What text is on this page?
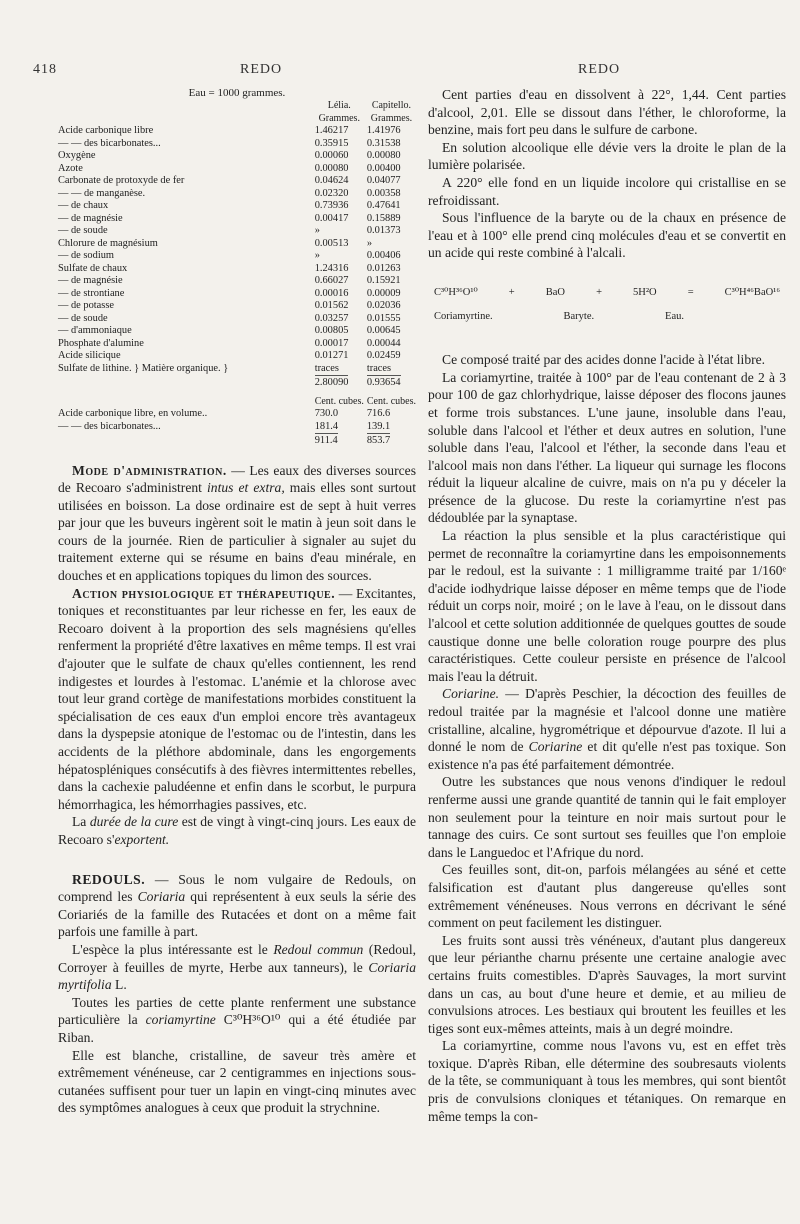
418	REDO	REDO
Eau = 1000 grammes.
	Lélia.	Capitello.
	Grammes.	Grammes.
Acide carbonique libre	1.46217	1.41976
— — des bicarbonates...	0.35915	0.31538
Oxygène	0.00060	0.00080
Azote	0.00080	0.00400
Carbonate de protoxyde de fer	0.04624	0.04077
— — de manganèse.	0.02320	0.00358
— de chaux	0.73936	0.47641
— de magnésie	0.00417	0.15889
— de soude	»	0.01373
Chlorure de magnésium	0.00513	»
— de sodium	»	0.00406
Sulfate de chaux	1.24316	0.01263
— de magnésie	0.66027	0.15921
— de strontiane	0.00016	0.00009
— de potasse	0.01562	0.02036
— de soude	0.03257	0.01555
— d'ammoniaque	0.00805	0.00645
Phosphate d'alumine	0.00017	0.00044
Acide silicique	0.01271	0.02459
Sulfate de lithine. } Matière organique. }	traces	traces
	2.80090	0.93654

	Cent. cubes.	Cent. cubes.
Acide carbonique libre, en volume..	730.0	716.6
— — des bicarbonates...	181.4	139.1
	911.4	853.7

Mode d'administration. — Les eaux des diverses sources de Recoaro s'administrent intus et extra, mais elles sont surtout utilisées en boisson. La dose ordinaire est de sept à huit verres par jour que les buveurs ingèrent soit le matin à jeun soit dans le cours de la journée. Rien de particulier à signaler au sujet du traitement externe qui se résume en bains d'eau minérale, en douches et en applications topiques du limon des sources.

Action physiologique et thérapeutique. — Excitantes, toniques et reconstituantes par leur richesse en fer, les eaux de Recoaro doivent à la proportion des sels magnésiens qu'elles renferment la propriété d'être laxatives en même temps. Il est vrai d'ajouter que le sulfate de chaux qu'elles contiennent, les rend indigestes et lourdes à l'estomac. L'anémie et la chlorose avec tout leur grand cortège de manifestations morbides constituent la spécialisation de ces eaux d'un emploi encore très avantageux dans la dyspepsie atonique de l'estomac ou de l'intestin, dans les accidents de la pléthore abdominale, dans les engorgements hépatospléniques consécutifs à des fièvres intermittentes rebelles, dans la cachexie paludéenne et enfin dans le scorbut, le purpura hémorrhagica, les hémorrhagies passives, etc.

La durée de la cure est de vingt à vingt-cinq jours. Les eaux de Recoaro s'exportent.

REDOULS. — Sous le nom vulgaire de Redouls, on comprend les Coriaria qui représentent à eux seuls la série des Coriariés de la famille des Rutacées et dont on a même fait parfois une famille à part.

L'espèce la plus intéressante est le Redoul commun (Redoul, Corroyer à feuilles de myrte, Herbe aux tanneurs), le Coriaria myrtifolia L.

Toutes les parties de cette plante renferment une substance particulière la coriamyrtine C³⁰H³⁶O¹⁰ qui a été étudiée par Riban.

Elle est blanche, cristalline, de saveur très amère et extrêmement vénéneuse, car 2 centigrammes en injections sous-cutanées suffisent pour tuer un lapin en vingt-cinq minutes avec des symptômes analogues à ceux que produit la strychnine.

Cent parties d'eau en dissolvent à 22°, 1,44. Cent parties d'alcool, 2,01. Elle se dissout dans l'éther, le chloroforme, la benzine, mais fort peu dans le sulfure de carbone.

En solution alcoolique elle dévie vers la droite le plan de la lumière polarisée.

A 220° elle fond en un liquide incolore qui cristallise en se refroidissant.

Sous l'influence de la baryte ou de la chaux en présence de l'eau et à 100° elle prend cinq molécules d'eau et se convertit en un acide qui reste combiné à l'alcali.

C³⁰H³⁶O¹⁰	+	BaO	+	5H²O	=	C³⁰H⁴⁶BaO¹⁶
Coriamyrtine.	Baryte.	Eau.

Ce composé traité par des acides donne l'acide à l'état libre.

La coriamyrtine, traitée à 100° par de l'eau contenant de 2 à 3 pour 100 de gaz chlorhydrique, laisse déposer des flocons jaunes et forme trois substances. L'une jaune, insoluble dans l'eau, soluble dans l'alcool et l'éther et deux autres en solution, l'une soluble dans l'eau, l'alcool et l'éther, la seconde dans l'eau et l'alcool mais non dans l'éther. La liqueur qui surnage les flocons réduit la liqueur alcaline de cuivre, mais on n'a pu y déceler la présence de la glucose. Du reste la coriamyrtine n'est pas dédoublée par la synaptase.

La réaction la plus sensible et la plus caractéristique qui permet de reconnaître la coriamyrtine dans les empoisonnements par le redoul, est la suivante : 1 milligramme traité par 1/160ᵉ d'acide iodhydrique laisse déposer en même temps que de l'iode réduit un corps noir, moiré ; on le lave à l'eau, on le dissout dans l'alcool et cette solution additionnée de quelques gouttes de soude caustique donne une belle coloration rouge pourpre des plus caractéristiques. Cette couleur persiste en présence de l'alcool mais l'eau la détruit.

Coriarine. — D'après Peschier, la décoction des feuilles de redoul traitée par la magnésie et l'alcool donne une matière cristalline, alcaline, hygrométrique et dépourvue d'azote. Il lui a donné le nom de Coriarine et dit qu'elle n'est pas toxique. Son existence n'a pas été parfaitement démontrée.

Outre les substances que nous venons d'indiquer le redoul renferme aussi une grande quantité de tannin qui le fait employer non seulement pour la teinture en noir mais surtout pour le tannage des cuirs. Ce sont surtout ses feuilles que l'on emploie dans le Languedoc et l'Afrique du nord.

Ces feuilles sont, dit-on, parfois mélangées au séné et cette falsification est d'autant plus dangereuse qu'elles sont extrêmement vénéneuses. Nous verrons en décrivant le séné comment on peut facilement les distinguer.

Les fruits sont aussi très vénéneux, d'autant plus dangereux que leur périanthe charnu présente une certaine analogie avec certains fruits comestibles. D'après Sauvages, la mort survint dans un cas, au bout d'une heure et demie, et au milieu de convulsions atroces. Les bestiaux qui broutent les feuilles et les tiges sont eux-mêmes atteints, mais à un degré moindre.

La coriamyrtine, comme nous l'avons vu, est en effet très toxique. D'après Riban, elle détermine des soubresauts violents de la tête, se communiquant à tous les membres, qui sont bientôt pris de convulsions cloniques et tétaniques. On remarque en même temps la con-
